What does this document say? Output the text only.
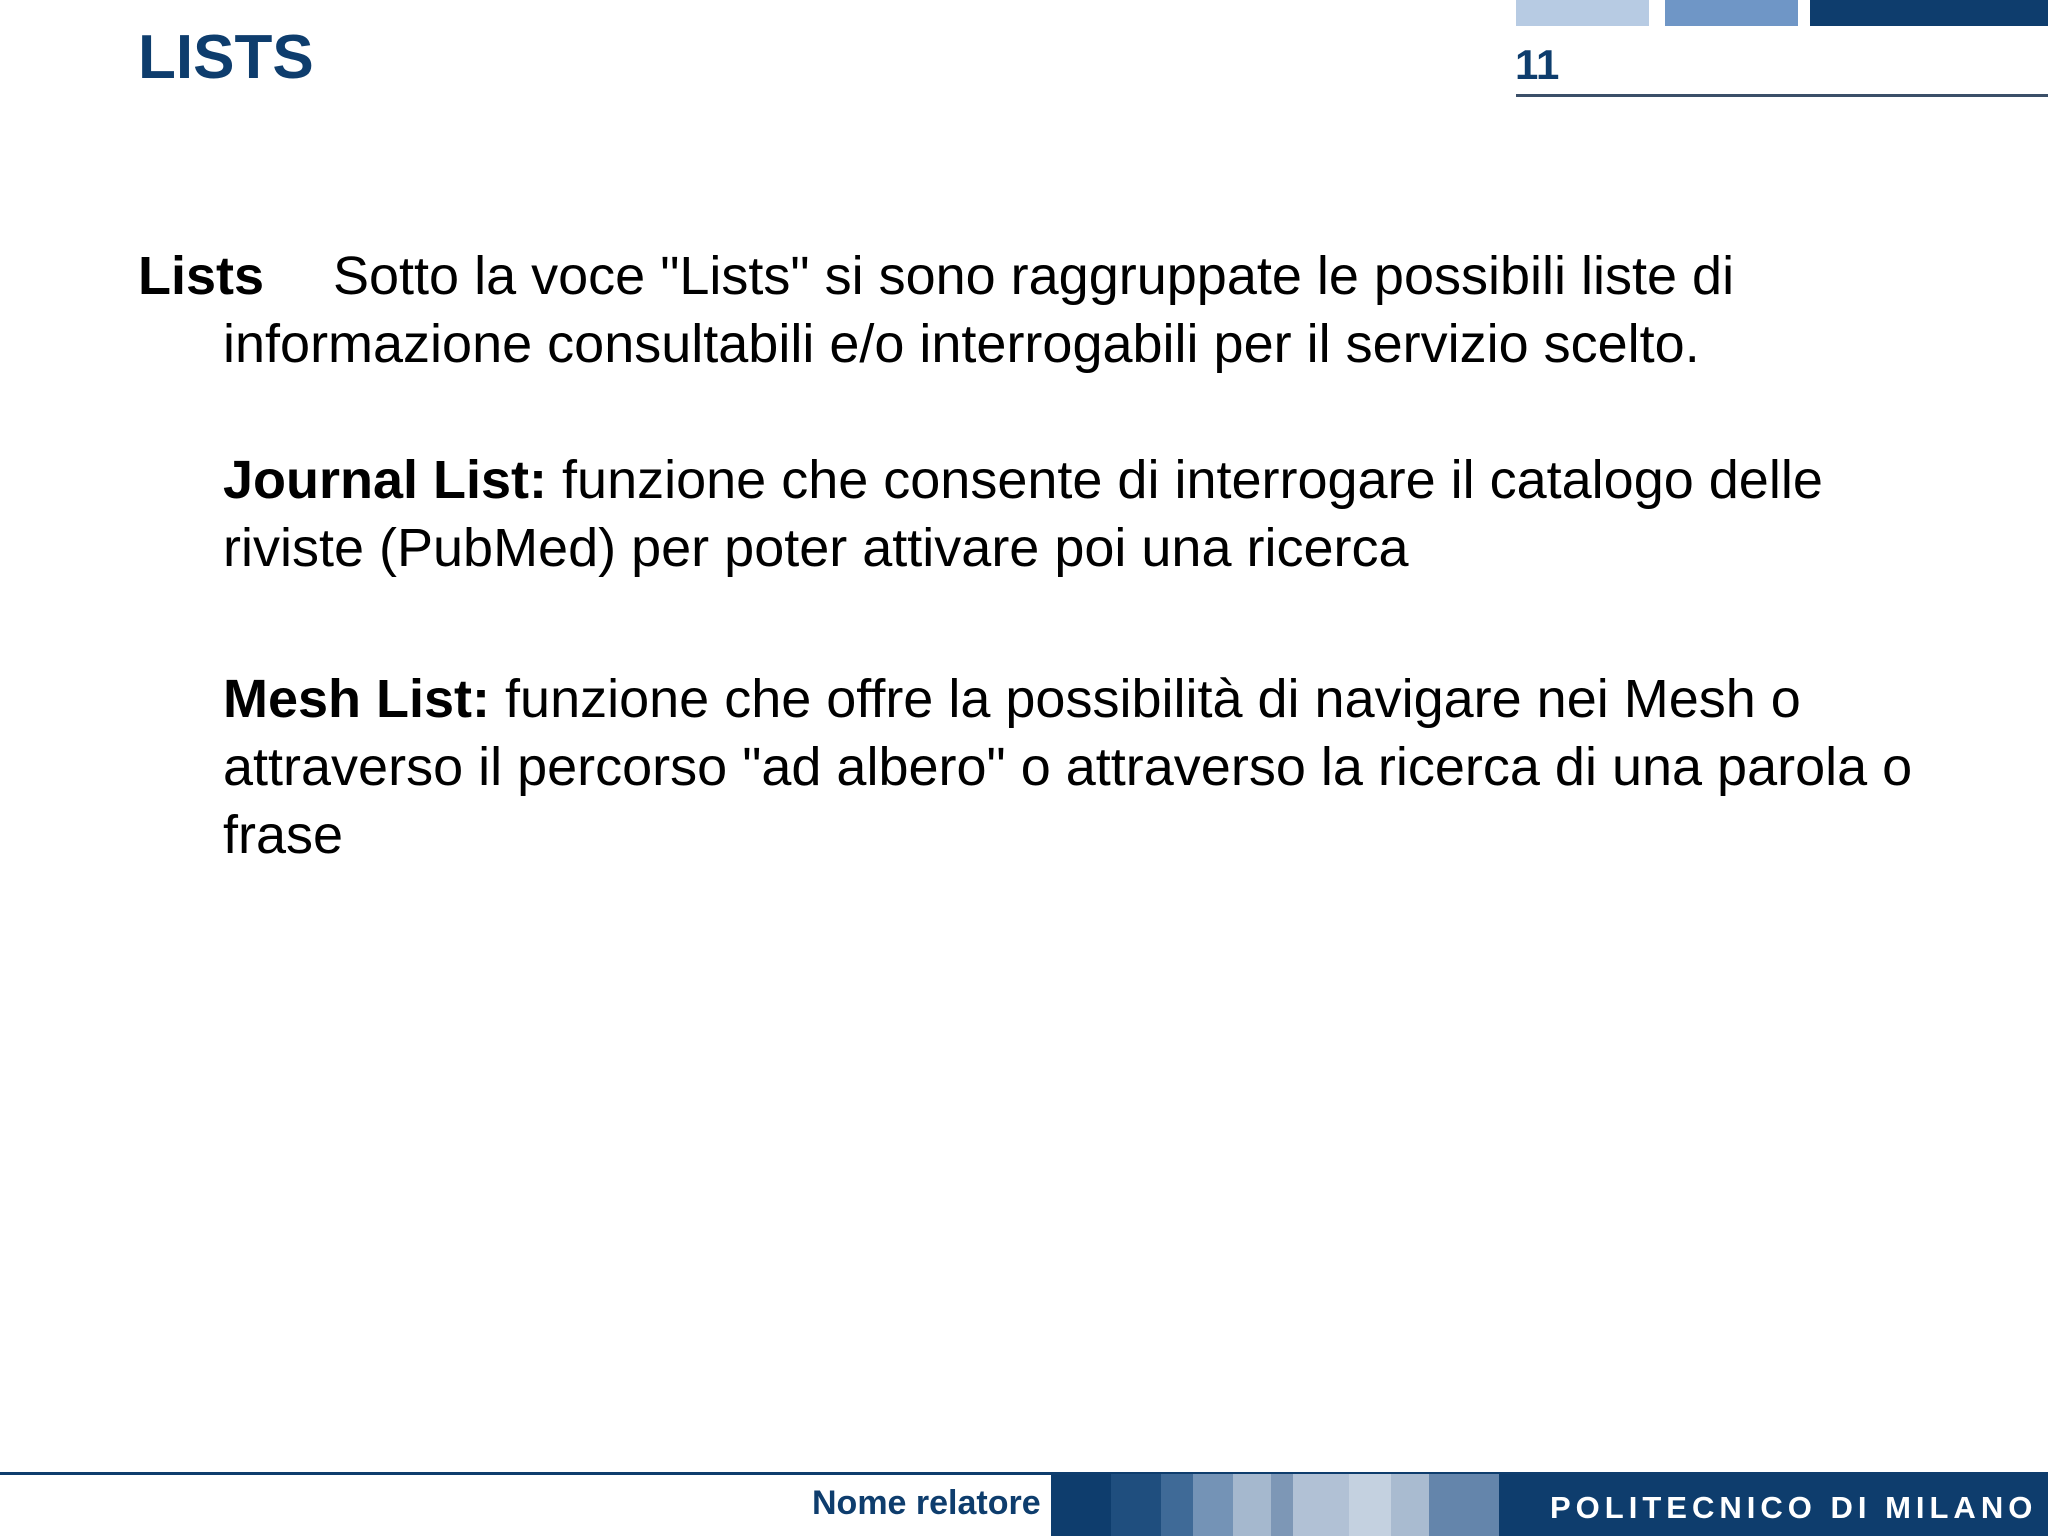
LISTS	11

Lists Sotto la voce "Lists" si sono raggruppate le possibili liste di informazione consultabili e/o interrogabili per il servizio scelto.

Journal List: funzione che consente di interrogare il catalogo delle riviste (PubMed) per poter attivare poi una ricerca

Mesh List: funzione che offre la possibilità di navigare nei Mesh o attraverso il percorso "ad albero" o attraverso la ricerca di una parola o frase

Nome relatore	POLITECNICO DI MILANO
